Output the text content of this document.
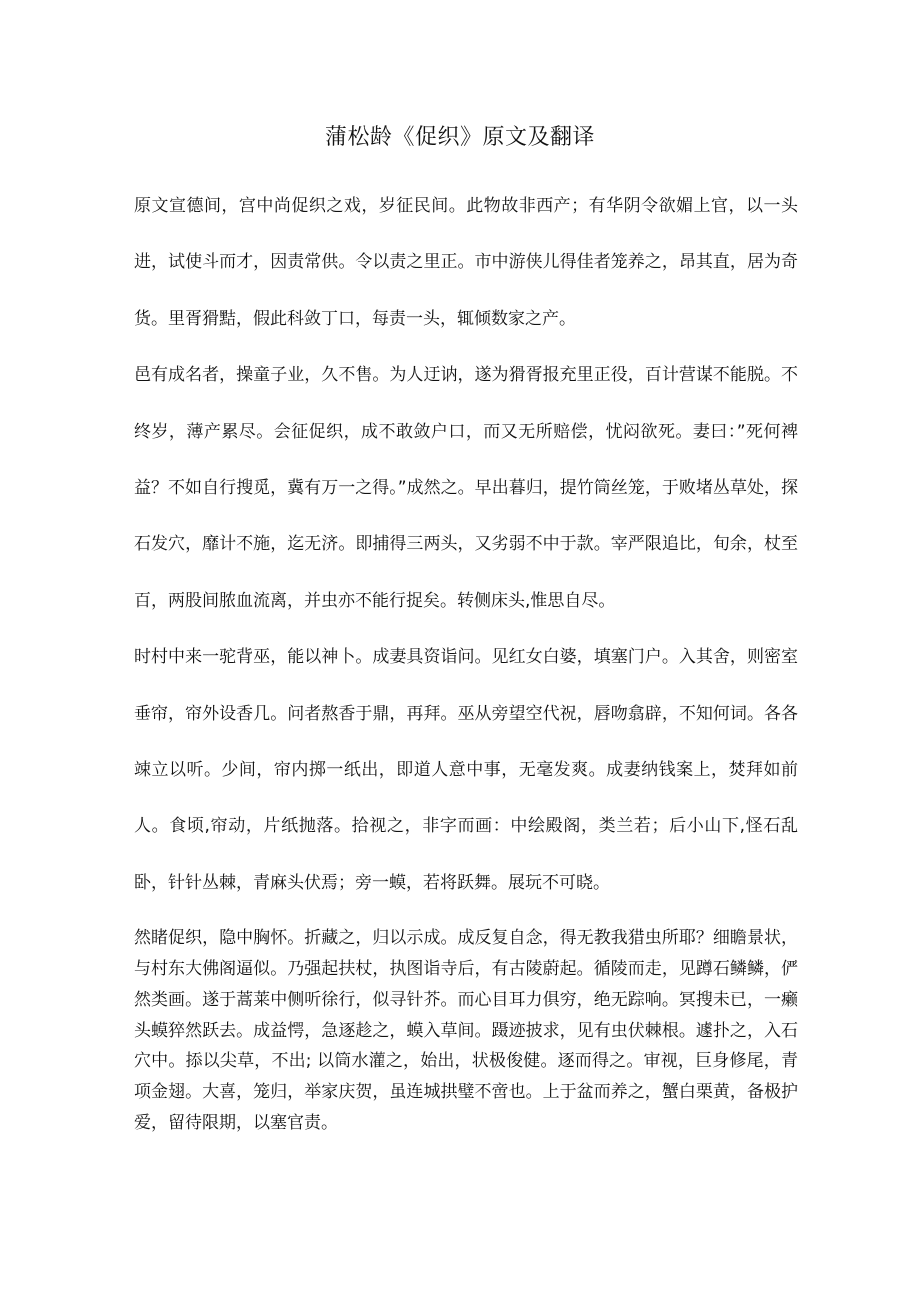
蒲松龄《促织》原文及翻译

原文宣德间，宫中尚促织之戏，岁征民间。此物故非西产；有华阴令欲媚上官，以一头进，试使斗而才，因责常供。令以责之里正。市中游侠儿得佳者笼养之，昂其直，居为奇货。里胥猾黠，假此科敛丁口，每责一头，辄倾数家之产。

邑有成名者，操童子业，久不售。为人迂讷，遂为猾胥报充里正役，百计营谋不能脱。不终岁，薄产累尽。会征促织，成不敢敛户口，而又无所赔偿，忧闷欲死。妻曰：”死何裨益？不如自行搜觅，冀有万一之得。”成然之。早出暮归，提竹筒丝笼，于败堵丛草处，探石发穴，靡计不施，迄无济。即捕得三两头，又劣弱不中于款。宰严限追比，旬余，杖至百，两股间脓血流离，并虫亦不能行捉矣。转侧床头,惟思自尽。

时村中来一驼背巫，能以神卜。成妻具资诣问。见红女白婆，填塞门户。入其舍，则密室垂帘，帘外设香几。问者熬香于鼎，再拜。巫从旁望空代祝，唇吻翕辟，不知何词。各各竦立以听。少间，帘内掷一纸出，即道人意中事，无毫发爽。成妻纳钱案上，焚拜如前人。食顷,帘动，片纸抛落。拾视之，非字而画：中绘殿阁，类兰若；后小山下,怪石乱卧，针针丛棘，青麻头伏焉；旁一蟆，若将跃舞。展玩不可晓。

然睹促织，隐中胸怀。折藏之，归以示成。成反复自念，得无教我猎虫所耶？细瞻景状，与村东大佛阁逼似。乃强起扶杖，执图诣寺后，有古陵蔚起。循陵而走，见蹲石鳞鳞，俨然类画。遂于蒿莱中侧听徐行，似寻针芥。而心目耳力俱穷，绝无踪响。冥搜未已，一癞头蟆猝然跃去。成益愕，急逐趁之，蟆入草间。蹑迹披求，见有虫伏棘根。遽扑之，入石穴中。掭以尖草，不出; 以筒水灌之，始出，状极俊健。逐而得之。审视，巨身修尾，青项金翅。大喜，笼归，举家庆贺，虽连城拱璧不啻也。上于盆而养之，蟹白栗黄，备极护爱，留待限期，以塞官责。
